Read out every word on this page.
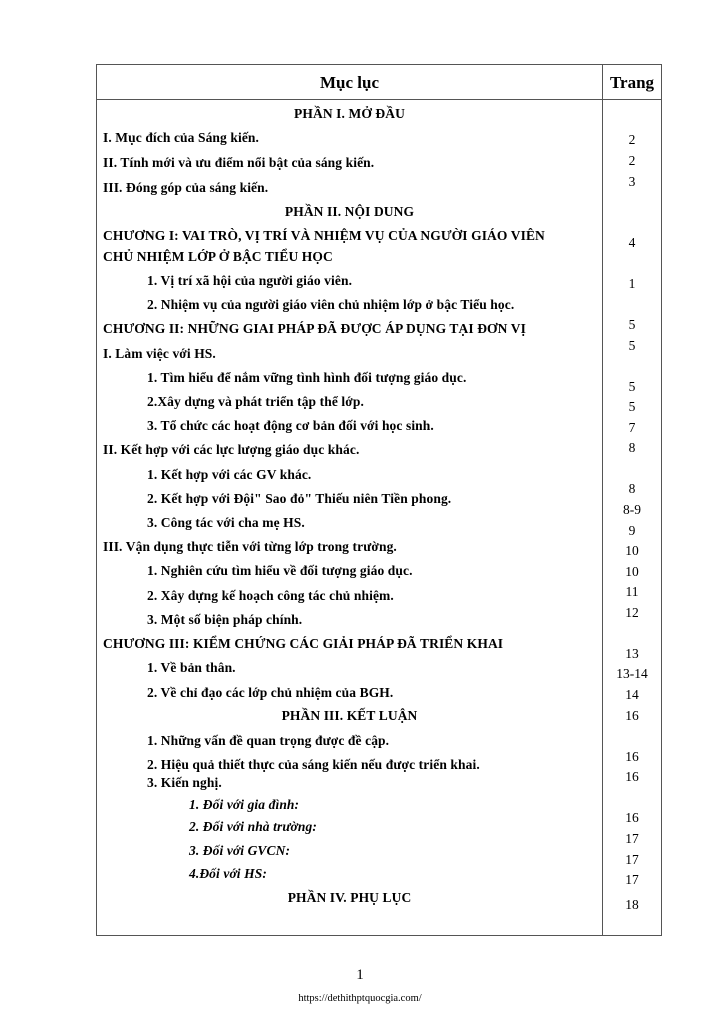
Mục lục	Trang
PHẦN I. MỞ ĐẦU
I. Mục đích của Sáng kiến.
II. Tính mới và ưu điểm nổi bật của sáng kiến.
III. Đóng góp của sáng kiến.
PHẦN II. NỘI DUNG
CHƯƠNG I: VAI TRÒ, VỊ TRÍ VÀ NHIỆM VỤ CỦA NGƯỜI GIÁO VIÊN
CHỦ NHIỆM LỚP Ở BẬC TIỂU HỌC
1. Vị trí xã hội của người giáo viên.
2. Nhiệm vụ của người giáo viên chủ nhiệm lớp ở bậc Tiểu học.
CHƯƠNG II: NHỮNG GIAI PHÁP ĐÃ ĐƯỢC ÁP DỤNG TẠI ĐƠN VỊ
I. Làm việc với HS.
1. Tìm hiểu để nắm vững tình hình đối tượng giáo dục.
2.Xây dựng và phát triển tập thể lớp.
3. Tổ chức các hoạt động cơ bản đối với học sinh.
II. Kết hợp với các lực lượng giáo dục khác.
1. Kết hợp với các GV khác.
2. Kết hợp với Đội" Sao đỏ" Thiếu niên Tiền phong.
3. Công tác với cha mẹ HS.
III. Vận dụng thực tiễn với từng lớp trong trường.
1. Nghiên cứu tìm hiểu về đối tượng giáo dục.
2. Xây dựng kế hoạch công tác chủ nhiệm.
3. Một số biện pháp chính.
CHƯƠNG III: KIỂM CHỨNG CÁC GIẢI PHÁP ĐÃ TRIỂN KHAI
1. Về bản thân.
2. Về chỉ đạo các lớp chủ nhiệm của BGH.
PHẦN III. KẾT LUẬN
1. Những vấn đề quan trọng được đề cập.
2. Hiệu quả thiết thực của sáng kiến nếu được triển khai.
3. Kiến nghị.
1. Đối với gia đình:
2. Đối với nhà trường:
3. Đối với GVCN:
4.Đối với HS:
PHẦN IV. PHỤ LỤC
2
2
3
4
1
5
5
5
5
7
8
8
8-9
9
10
10
11
12
13
13-14
14
16
16
16
16
17
17
17
18
1
https://dethithptquocgia.com/
